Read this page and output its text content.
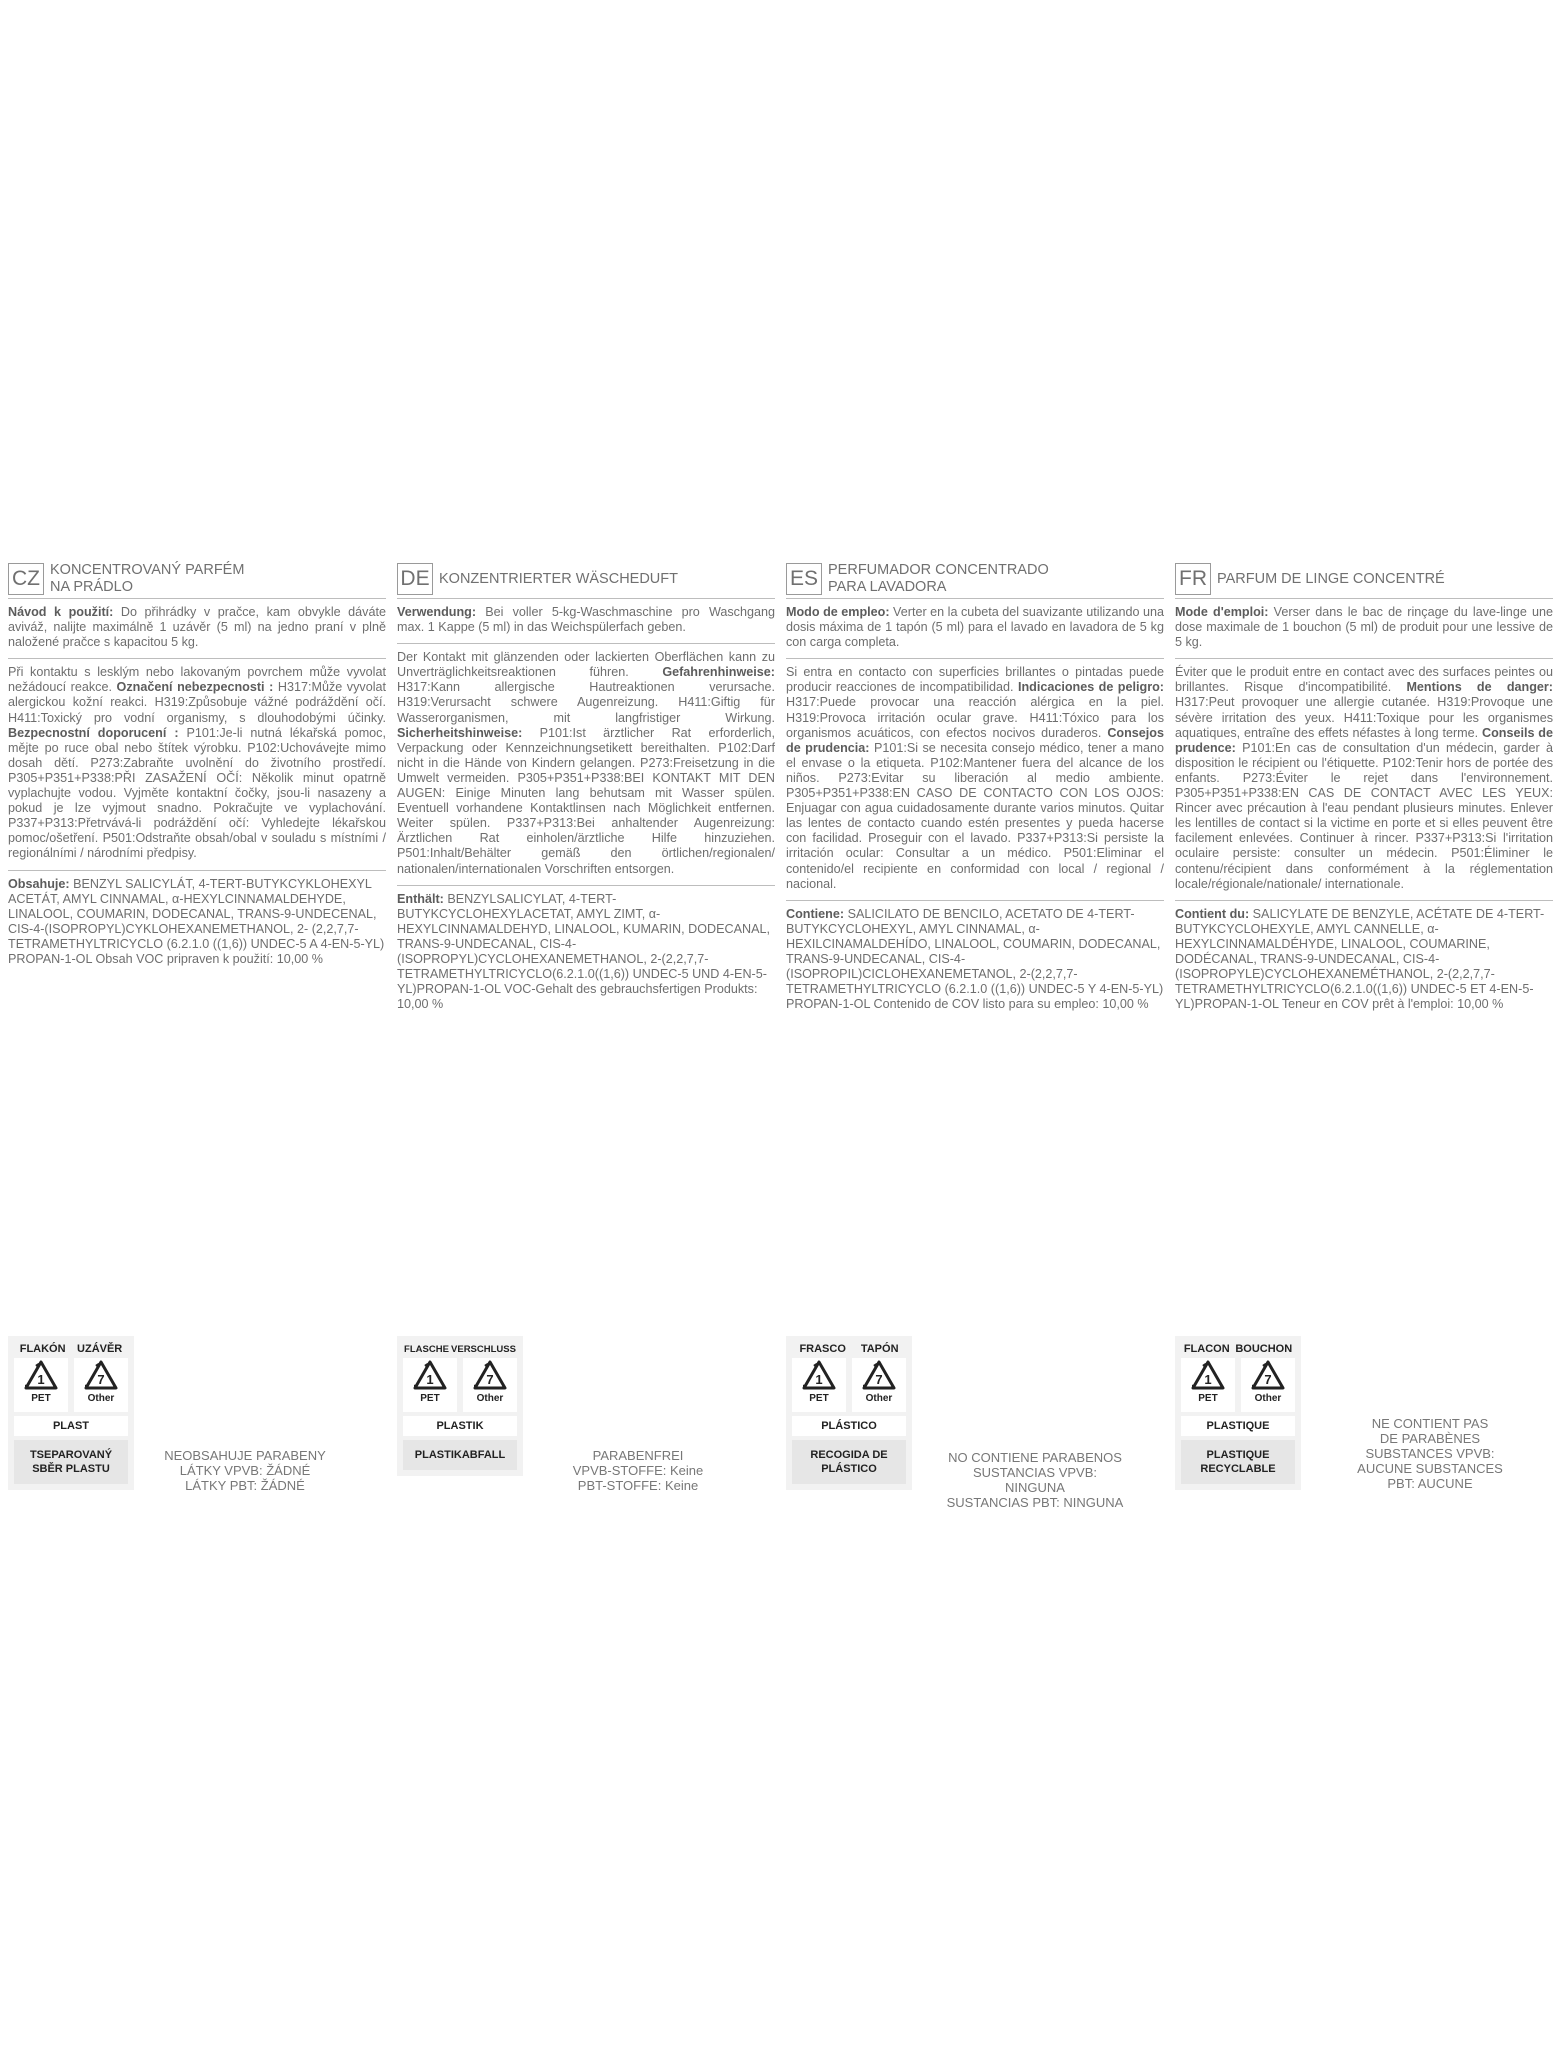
CZ KONCENTROVANÝ PARFÉM
NA PRÁDLO

Návod k použití: Do přihrádky v pračce, kam obvykle dáváte aviváž, nalijte maximálně 1 uzávěr (5 ml) na jedno praní v plně naložené pračce s kapacitou 5 kg.

Při kontaktu s lesklým nebo lakovaným povrchem může vyvolat nežádoucí reakce. Označení nebezpecnosti : H317:Může vyvolat alergickou kožní reakci. H319:Způsobuje vážné podráždění očí. H411:Toxický pro vodní organismy, s dlouhodobými účinky. Bezpecnostní doporucení : P101:Je-li nutná lékařská pomoc, mějte po ruce obal nebo štítek výrobku. P102:Uchovávejte mimo dosah dětí. P273:Zabraňte uvolnění do životního prostředí. P305+P351+P338:PŘI ZASAŽENÍ OČÍ: Několik minut opatrně vyplachujte vodou. Vyjměte kontaktní čočky, jsou-li nasazeny a pokud je lze vyjmout snadno. Pokračujte ve vyplachování. P337+P313:Přetrvává-li podráždění očí: Vyhledejte lékařskou pomoc/ošetření. P501:Odstraňte obsah/obal v souladu s místními / regionálními / národními předpisy.

Obsahuje: BENZYL SALICYLÁT, 4-TERT-BUTYKCYKLOHEXYL ACETÁT, AMYL CINNAMAL, α-HEXYLCINNAMALDEHYDE, LINALOOL, COUMARIN, DODECANAL, TRANS-9-UNDECENAL, CIS-4-(ISOPROPYL)CYKLOHEXANEMETHANOL, 2- (2,2,7,7-TETRAMETHYLTRICYCLO (6.2.1.0 ((1,6)) UNDEC-5 A 4-EN-5-YL) PROPAN-1-OL Obsah VOC pripraven k použití: 10,00 %

DE KONZENTRIERTER WÄSCHEDUFT

Verwendung: Bei voller 5-kg-Waschmaschine pro Waschgang max. 1 Kappe (5 ml) in das Weichspülerfach geben.

Der Kontakt mit glänzenden oder lackierten Oberflächen kann zu Unverträglichkeitsreaktionen führen. Gefahrenhinweise: H317:Kann allergische Hautreaktionen verursache. H319:Verursacht schwere Augenreizung. H411:Giftig für Wasserorganismen, mit langfristiger Wirkung. Sicherheitshinweise: P101:Ist ärztlicher Rat erforderlich, Verpackung oder Kennzeichnungsetikett bereithalten. P102:Darf nicht in die Hände von Kindern gelangen. P273:Freisetzung in die Umwelt vermeiden. P305+P351+P338:BEI KONTAKT MIT DEN AUGEN: Einige Minuten lang behutsam mit Wasser spülen. Eventuell vorhandene Kontaktlinsen nach Möglichkeit entfernen. Weiter spülen. P337+P313:Bei anhaltender Augenreizung: Ärztlichen Rat einholen/ärztliche Hilfe hinzuziehen. P501:Inhalt/Behälter gemäß den örtlichen/regionalen/ nationalen/internationalen Vorschriften entsorgen.

Enthält: BENZYLSALICYLAT, 4-TERT-BUTYKCYCLOHEXYLACETAT, AMYL ZIMT, α-HEXYLCINNAMALDEHYD, LINALOOL, KUMARIN, DODECANAL, TRANS-9-UNDECANAL, CIS-4-(ISOPROPYL)CYCLOHEXANEMETHANOL, 2-(2,2,7,7-TETRAMETHYLTRICYCLO(6.2.1.0((1,6)) UNDEC-5 UND 4-EN-5-YL)PROPAN-1-OL VOC-Gehalt des gebrauchsfertigen Produkts: 10,00 %

ES PERFUMADOR CONCENTRADO
PARA LAVADORA

Modo de empleo: Verter en la cubeta del suavizante utilizando una dosis máxima de 1 tapón (5 ml) para el lavado en lavadora de 5 kg con carga completa.

Si entra en contacto con superficies brillantes o pintadas puede producir reacciones de incompatibilidad. Indicaciones de peligro: H317:Puede provocar una reacción alérgica en la piel. H319:Provoca irritación ocular grave. H411:Tóxico para los organismos acuáticos, con efectos nocivos duraderos. Consejos de prudencia: P101:Si se necesita consejo médico, tener a mano el envase o la etiqueta. P102:Mantener fuera del alcance de los niños. P273:Evitar su liberación al medio ambiente. P305+P351+P338:EN CASO DE CONTACTO CON LOS OJOS: Enjuagar con agua cuidadosamente durante varios minutos. Quitar las lentes de contacto cuando estén presentes y pueda hacerse con facilidad. Proseguir con el lavado. P337+P313:Si persiste la irritación ocular: Consultar a un médico. P501:Eliminar el contenido/el recipiente en conformidad con local / regional / nacional.

Contiene: SALICILATO DE BENCILO, ACETATO DE 4-TERT-BUTYKCYCLOHEXYL, AMYL CINNAMAL, α-HEXILCINAMALDEHÍDO, LINALOOL, COUMARIN, DODECANAL, TRANS-9-UNDECANAL, CIS-4-(ISOPROPIL)CICLOHEXANEMETANOL, 2-(2,2,7,7-TETRAMETHYLTRICYCLO (6.2.1.0 ((1,6)) UNDEC-5 Y 4-EN-5-YL) PROPAN-1-OL Contenido de COV listo para su empleo: 10,00 %

FR PARFUM DE LINGE CONCENTRÉ

Mode d'emploi: Verser dans le bac de rinçage du lave-linge une dose maximale de 1 bouchon (5 ml) de produit pour une lessive de 5 kg.

Éviter que le produit entre en contact avec des surfaces peintes ou brillantes. Risque d'incompatibilité. Mentions de danger: H317:Peut provoquer une allergie cutanée. H319:Provoque une sévère irritation des yeux. H411:Toxique pour les organismes aquatiques, entraîne des effets néfastes à long terme. Conseils de prudence: P101:En cas de consultation d'un médecin, garder à disposition le récipient ou l'étiquette. P102:Tenir hors de portée des enfants. P273:Éviter le rejet dans l'environnement. P305+P351+P338:EN CAS DE CONTACT AVEC LES YEUX: Rincer avec précaution à l'eau pendant plusieurs minutes. Enlever les lentilles de contact si la victime en porte et si elles peuvent être facilement enlevées. Continuer à rincer. P337+P313:Si l'irritation oculaire persiste: consulter un médecin. P501:Éliminer le contenu/récipient dans conformément à la réglementation locale/régionale/nationale/ internationale.

Contient du: SALICYLATE DE BENZYLE, ACÉTATE DE 4-TERT-BUTYKCYCLOHEXYLE, AMYL CANNELLE, α-HEXYLCINNAMALDÉHYDE, LINALOOL, COUMARINE, DODÉCANAL, TRANS-9-UNDECANAL, CIS-4-(ISOPROPYLE)CYCLOHEXANEMÉTHANOL, 2-(2,2,7,7-TETRAMETHYLTRICYCLO(6.2.1.0((1,6)) UNDEC-5 ET 4-EN-5-YL)PROPAN-1-OL Teneur en COV prêt à l'emploi: 10,00 %

FLAKÓN UZÁVĚR
1
PET
7
Other
PLAST
TSEPAROVANÝ
SBĚR PLASTU
FLASCHE VERSCHLUSS
1
PET
7
Other
PLASTIK
PLASTIKABFALL
FRASCO TAPÓN
1
PET
7
Other
PLÁSTICO
RECOGIDA DE
PLÁSTICO
FLACON BOUCHON
1
PET
7
Other
PLASTIQUE
PLASTIQUE
RECYCLABLE
NEOBSAHUJE PARABENY
LÁTKY VPVB: ŽÁDNÉ
LÁTKY PBT: ŽÁDNÉ
PARABENFREI
VPVB-STOFFE: Keine
PBT-STOFFE: Keine
NO CONTIENE PARABENOS
SUSTANCIAS VPVB: NINGUNA
SUSTANCIAS PBT: NINGUNA
NE CONTIENT PAS
DE PARABÈNES
SUBSTANCES VPVB:
AUCUNE SUBSTANCES
PBT: AUCUNE
